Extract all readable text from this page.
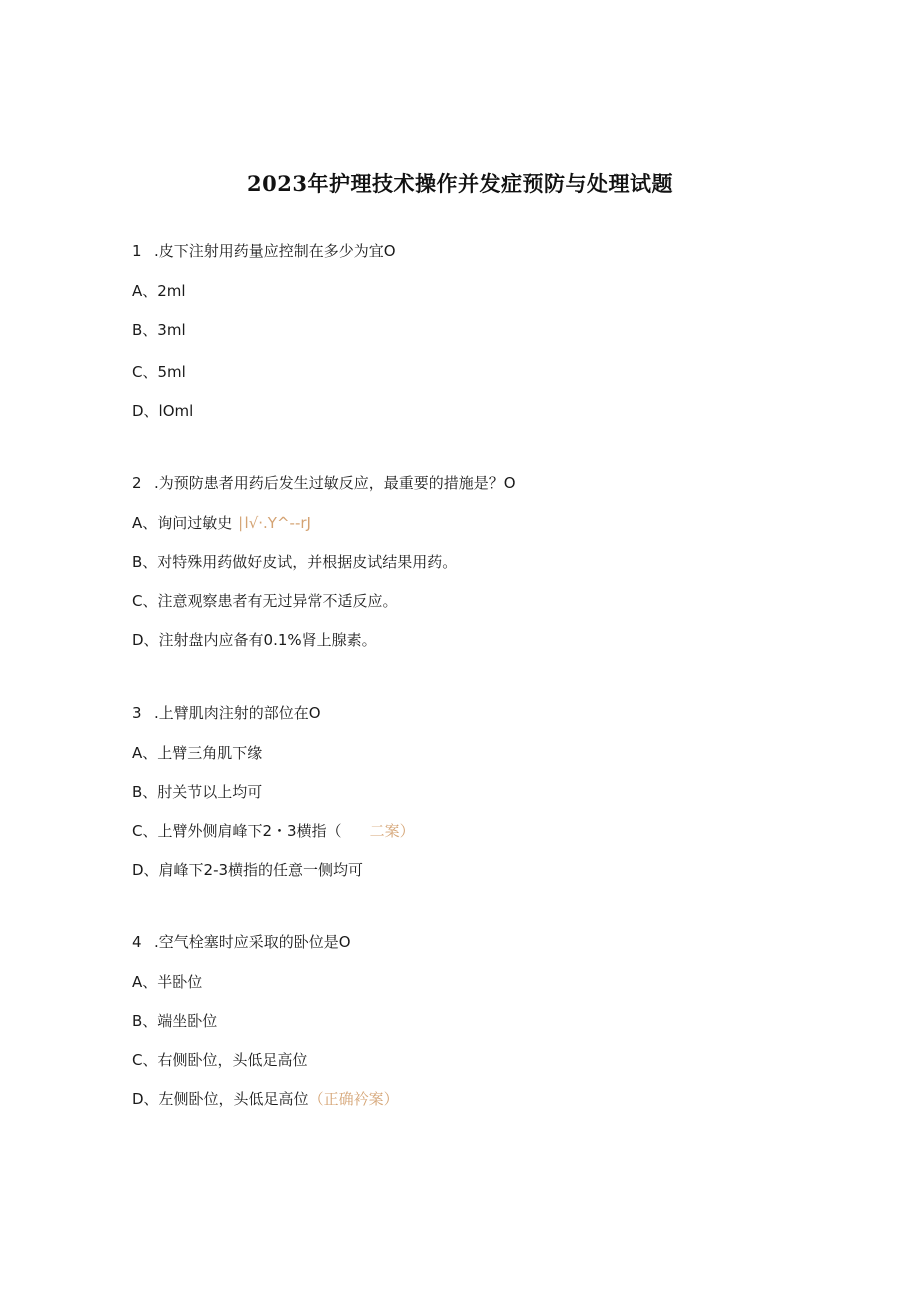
2023年护理技术操作并发症预防与处理试题
1 .皮下注射用药量应控制在多少为宜O
A、2ml
B、3ml
C、5ml
D、lOml
2 .为预防患者用药后发生过敏反应，最重要的措施是？O
A、询问过敏史 ∣l√·.Y^--rJ
B、对特殊用药做好皮试，并根据皮试结果用药。
C、注意观察患者有无过异常不适反应。
D、注射盘内应备有0.1%肾上腺素。
3 .上臂肌肉注射的部位在O
A、上臂三角肌下缘
B、肘关节以上均可
C、上臂外侧肩峰下2・3横指（ 二案）
D、肩峰下2-3横指的任意一侧均可
4 .空气栓塞时应采取的卧位是O
A、半卧位
B、端坐卧位
C、右侧卧位，头低足高位
D、左侧卧位，头低足高位（正确衿案）
